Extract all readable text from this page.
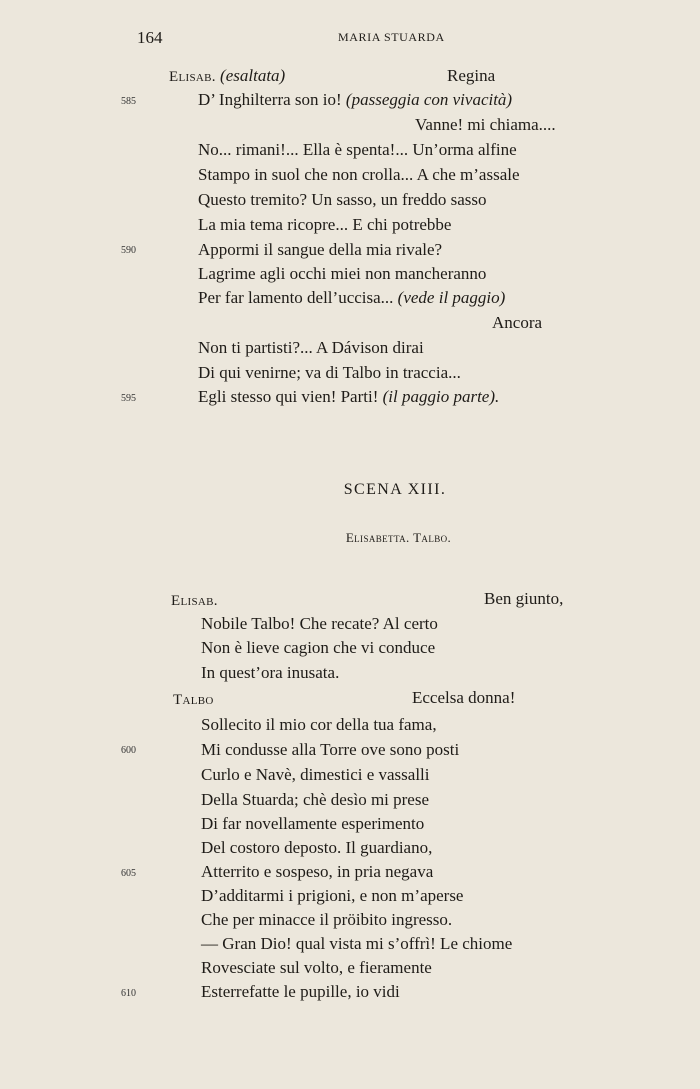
164	MARIA STUARDA
Elisab. (esaltata)	Regina
585	D’ Inghilterra son io! (passeggia con vivacità)
Vanne! mi chiama....
No... rimani!... Ella è spenta!... Un’orma alfine
Stampo in suol che non crolla... A che m’assale
Questo tremito? Un sasso, un freddo sasso
La mia tema ricopre... E chi potrebbe
590	Appormi il sangue della mia rivale?
Lagrime agli occhi miei non mancheranno
Per far lamento dell’uccisa... (vede il paggio)
Ancora
Non ti partisti?... A Dávison dirai
Di qui venirne; va di Talbo in traccia...
595	Egli stesso qui vien! Parti! (il paggio parte).
SCENA XIII.
Elisabetta. Talbo.
Elisab.	Ben giunto,
Nobile Talbo! Che recate? Al certo
Non è lieve cagion che vi conduce
In quest’ora inusata.
Talbo	Eccelsa donna!
Sollecito il mio cor della tua fama,
600	Mi condusse alla Torre ove sono posti
Curlo e Navè, dimestici e vassalli
Della Stuarda; chè desìo mi prese
Di far novellamente esperimento
Del costoro deposto. Il guardiano,
605	Atterrito e sospeso, in pria negava
D’additarmi i prigioni, e non m’aperse
Che per minacce il pröibito ingresso.
— Gran Dio! qual vista mi s’offrì! Le chiome
Rovesciate sul volto, e fieramente
610	Esterrefatte le pupille, io vidi
